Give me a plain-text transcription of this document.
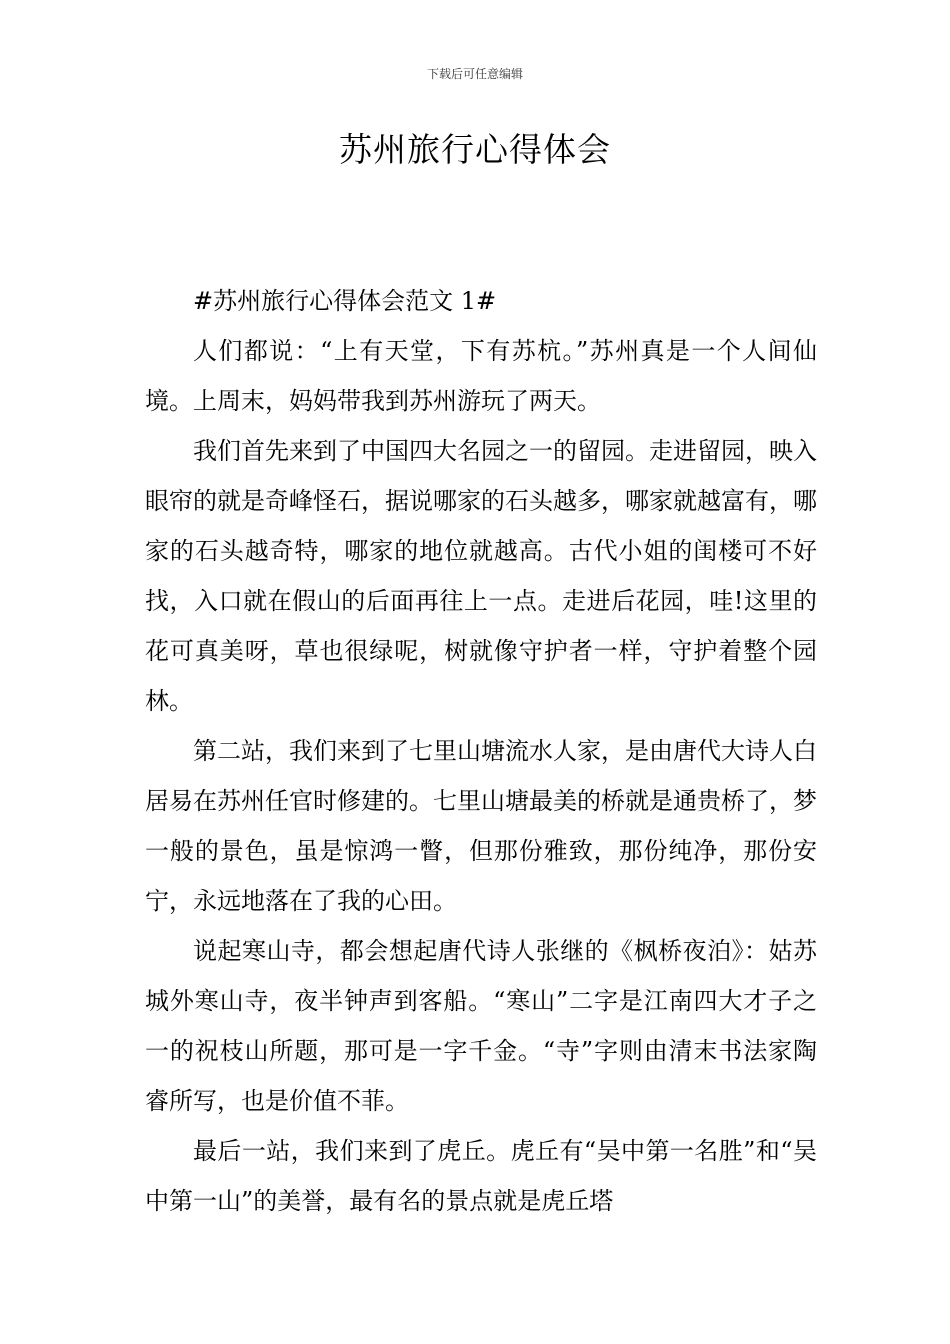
下载后可任意编辑
苏州旅行心得体会

#苏州旅行心得体会范文 1#

人们都说：“上有天堂，下有苏杭。”苏州真是一个人间仙境。上周末，妈妈带我到苏州游玩了两天。

我们首先来到了中国四大名园之一的留园。走进留园，映入眼帘的就是奇峰怪石，据说哪家的石头越多，哪家就越富有，哪家的石头越奇特，哪家的地位就越高。古代小姐的闺楼可不好找，入口就在假山的后面再往上一点。走进后花园，哇!这里的花可真美呀，草也很绿呢，树就像守护者一样，守护着整个园林。

第二站，我们来到了七里山塘流水人家，是由唐代大诗人白居易在苏州任官时修建的。七里山塘最美的桥就是通贵桥了，梦一般的景色，虽是惊鸿一瞥，但那份雅致，那份纯净，那份安宁，永远地落在了我的心田。

说起寒山寺，都会想起唐代诗人张继的《枫桥夜泊》：姑苏城外寒山寺，夜半钟声到客船。“寒山”二字是江南四大才子之一的祝枝山所题，那可是一字千金。“寺”字则由清末书法家陶睿所写，也是价值不菲。

最后一站，我们来到了虎丘。虎丘有“吴中第一名胜”和“吴中第一山”的美誉，最有名的景点就是虎丘塔
